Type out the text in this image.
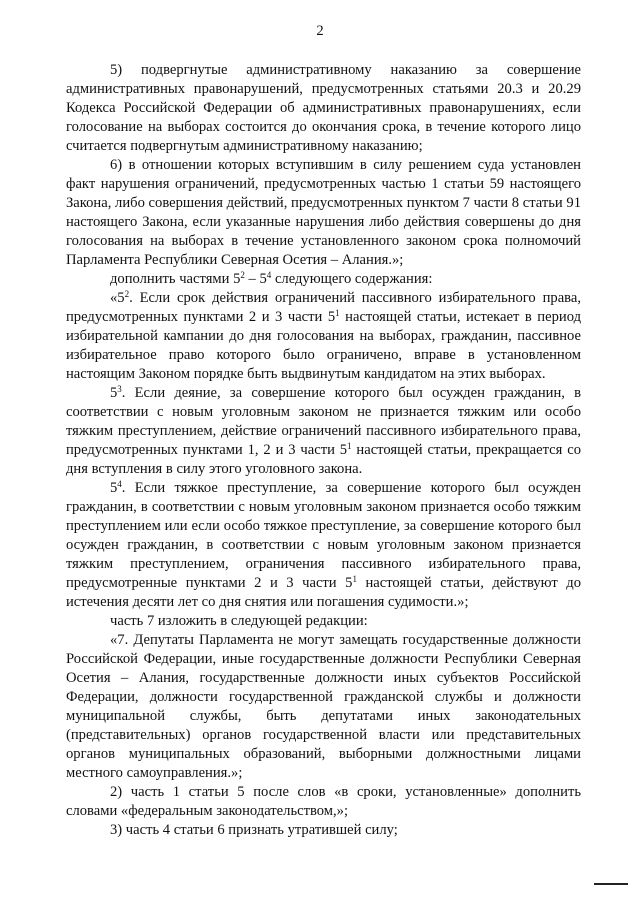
2

5) подвергнутые административному наказанию за совершение административных правонарушений, предусмотренных статьями 20.3 и 20.29 Кодекса Российской Федерации об административных правонарушениях, если голосование на выборах состоится до окончания срока, в течение которого лицо считается подвергнутым административному наказанию;

6) в отношении которых вступившим в силу решением суда установлен факт нарушения ограничений, предусмотренных частью 1 статьи 59 настоящего Закона, либо совершения действий, предусмотренных пунктом 7 части 8 статьи 91 настоящего Закона, если указанные нарушения либо действия совершены до дня голосования на выборах в течение установленного законом срока полномочий Парламента Республики Северная Осетия – Алания.»;

дополнить частями $5^2 - 5^4$ следующего содержания:

«$5^2$. Если срок действия ограничений пассивного избирательного права, предусмотренных пунктами 2 и 3 части $5^1$ настоящей статьи, истекает в период избирательной кампании до дня голосования на выборах, гражданин, пассивное избирательное право которого было ограничено, вправе в установленном настоящим Законом порядке быть выдвинутым кандидатом на этих выборах.

$5^3$. Если деяние, за совершение которого был осужден гражданин, в соответствии с новым уголовным законом не признается тяжким или особо тяжким преступлением, действие ограничений пассивного избирательного права, предусмотренных пунктами 1, 2 и 3 части $5^1$ настоящей статьи, прекращается со дня вступления в силу этого уголовного закона.

$5^4$. Если тяжкое преступление, за совершение которого был осужден гражданин, в соответствии с новым уголовным законом признается особо тяжким преступлением или если особо тяжкое преступление, за совершение которого был осужден гражданин, в соответствии с новым уголовным законом признается тяжким преступлением, ограничения пассивного избирательного права, предусмотренные пунктами 2 и 3 части $5^1$ настоящей статьи, действуют до истечения десяти лет со дня снятия или погашения судимости.»;

часть 7 изложить в следующей редакции:

«7. Депутаты Парламента не могут замещать государственные должности Российской Федерации, иные государственные должности Республики Северная Осетия – Алания, государственные должности иных субъектов Российской Федерации, должности государственной гражданской службы и должности муниципальной службы, быть депутатами иных законодательных (представительных) органов государственной власти или представительных органов муниципальных образований, выборными должностными лицами местного самоуправления.»;

2) часть 1 статьи 5 после слов «в сроки, установленные» дополнить словами «федеральным законодательством,»;

3) часть 4 статьи 6 признать утратившей силу;
